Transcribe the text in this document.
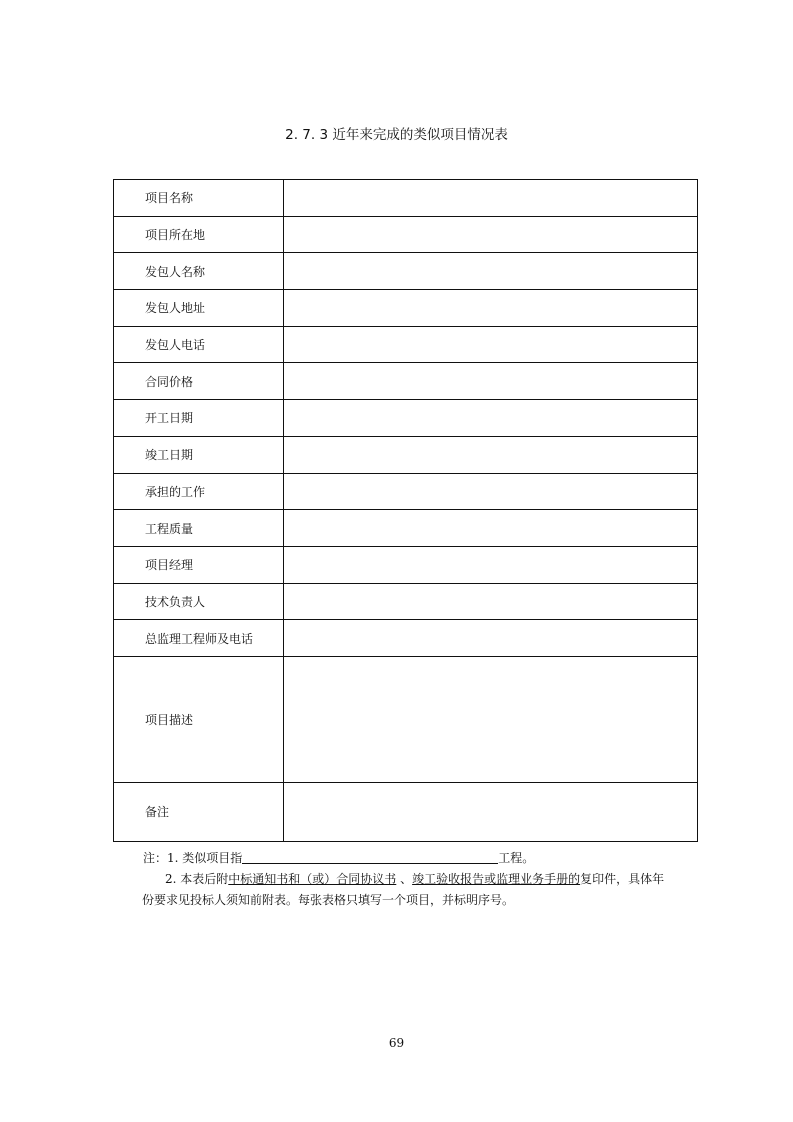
2. 7. 3 近年来完成的类似项目情况表
项目名称	
项目所在地	
发包人名称	
发包人地址	
发包人电话	
合同价格	
开工日期	
竣工日期	
承担的工作	
工程质量	
项目经理	
技术负责人	
总监理工程师及电话	
项目描述	
备注	
注：1. 类似项目指	工程。
2. 本表后附中标通知书和（或）合同协议书 、竣工验收报告或监理业务手册的复印件，具体年
份要求见投标人须知前附表。每张表格只填写一个项目，并标明序号。
69
